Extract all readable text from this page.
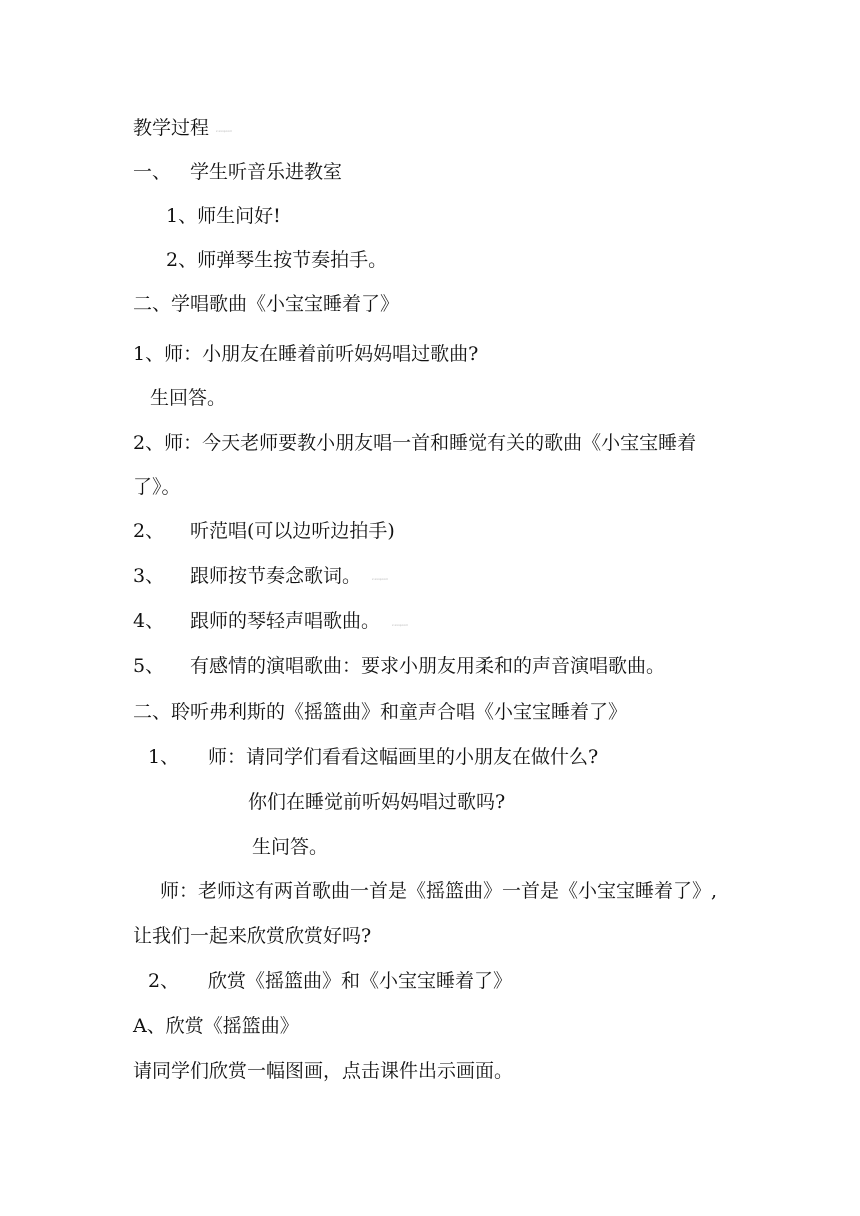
教学过程 z.xxxpcom
一、 学生听音乐进教室
1、师生问好!
2、师弹琴生按节奏拍手。
二、学唱歌曲《小宝宝睡着了》
1、师：小朋友在睡着前听妈妈唱过歌曲?
生回答。
2、师：今天老师要教小朋友唱一首和睡觉有关的歌曲《小宝宝睡着
了》。
2、 听范唱(可以边听边拍手)
3、 跟师按节奏念歌词。	z.xxxpcom
4、 跟师的琴轻声唱歌曲。	z.xxxpcom
5、 有感情的演唱歌曲：要求小朋友用柔和的声音演唱歌曲。
二、聆听弗利斯的《摇篮曲》和童声合唱《小宝宝睡着了》
1、 师：请同学们看看这幅画里的小朋友在做什么?
你们在睡觉前听妈妈唱过歌吗?
生问答。
师：老师这有两首歌曲一首是《摇篮曲》一首是《小宝宝睡着了》,
让我们一起来欣赏欣赏好吗?
2、 欣赏《摇篮曲》和《小宝宝睡着了》
A、欣赏《摇篮曲》
请同学们欣赏一幅图画，点击课件出示画面。
